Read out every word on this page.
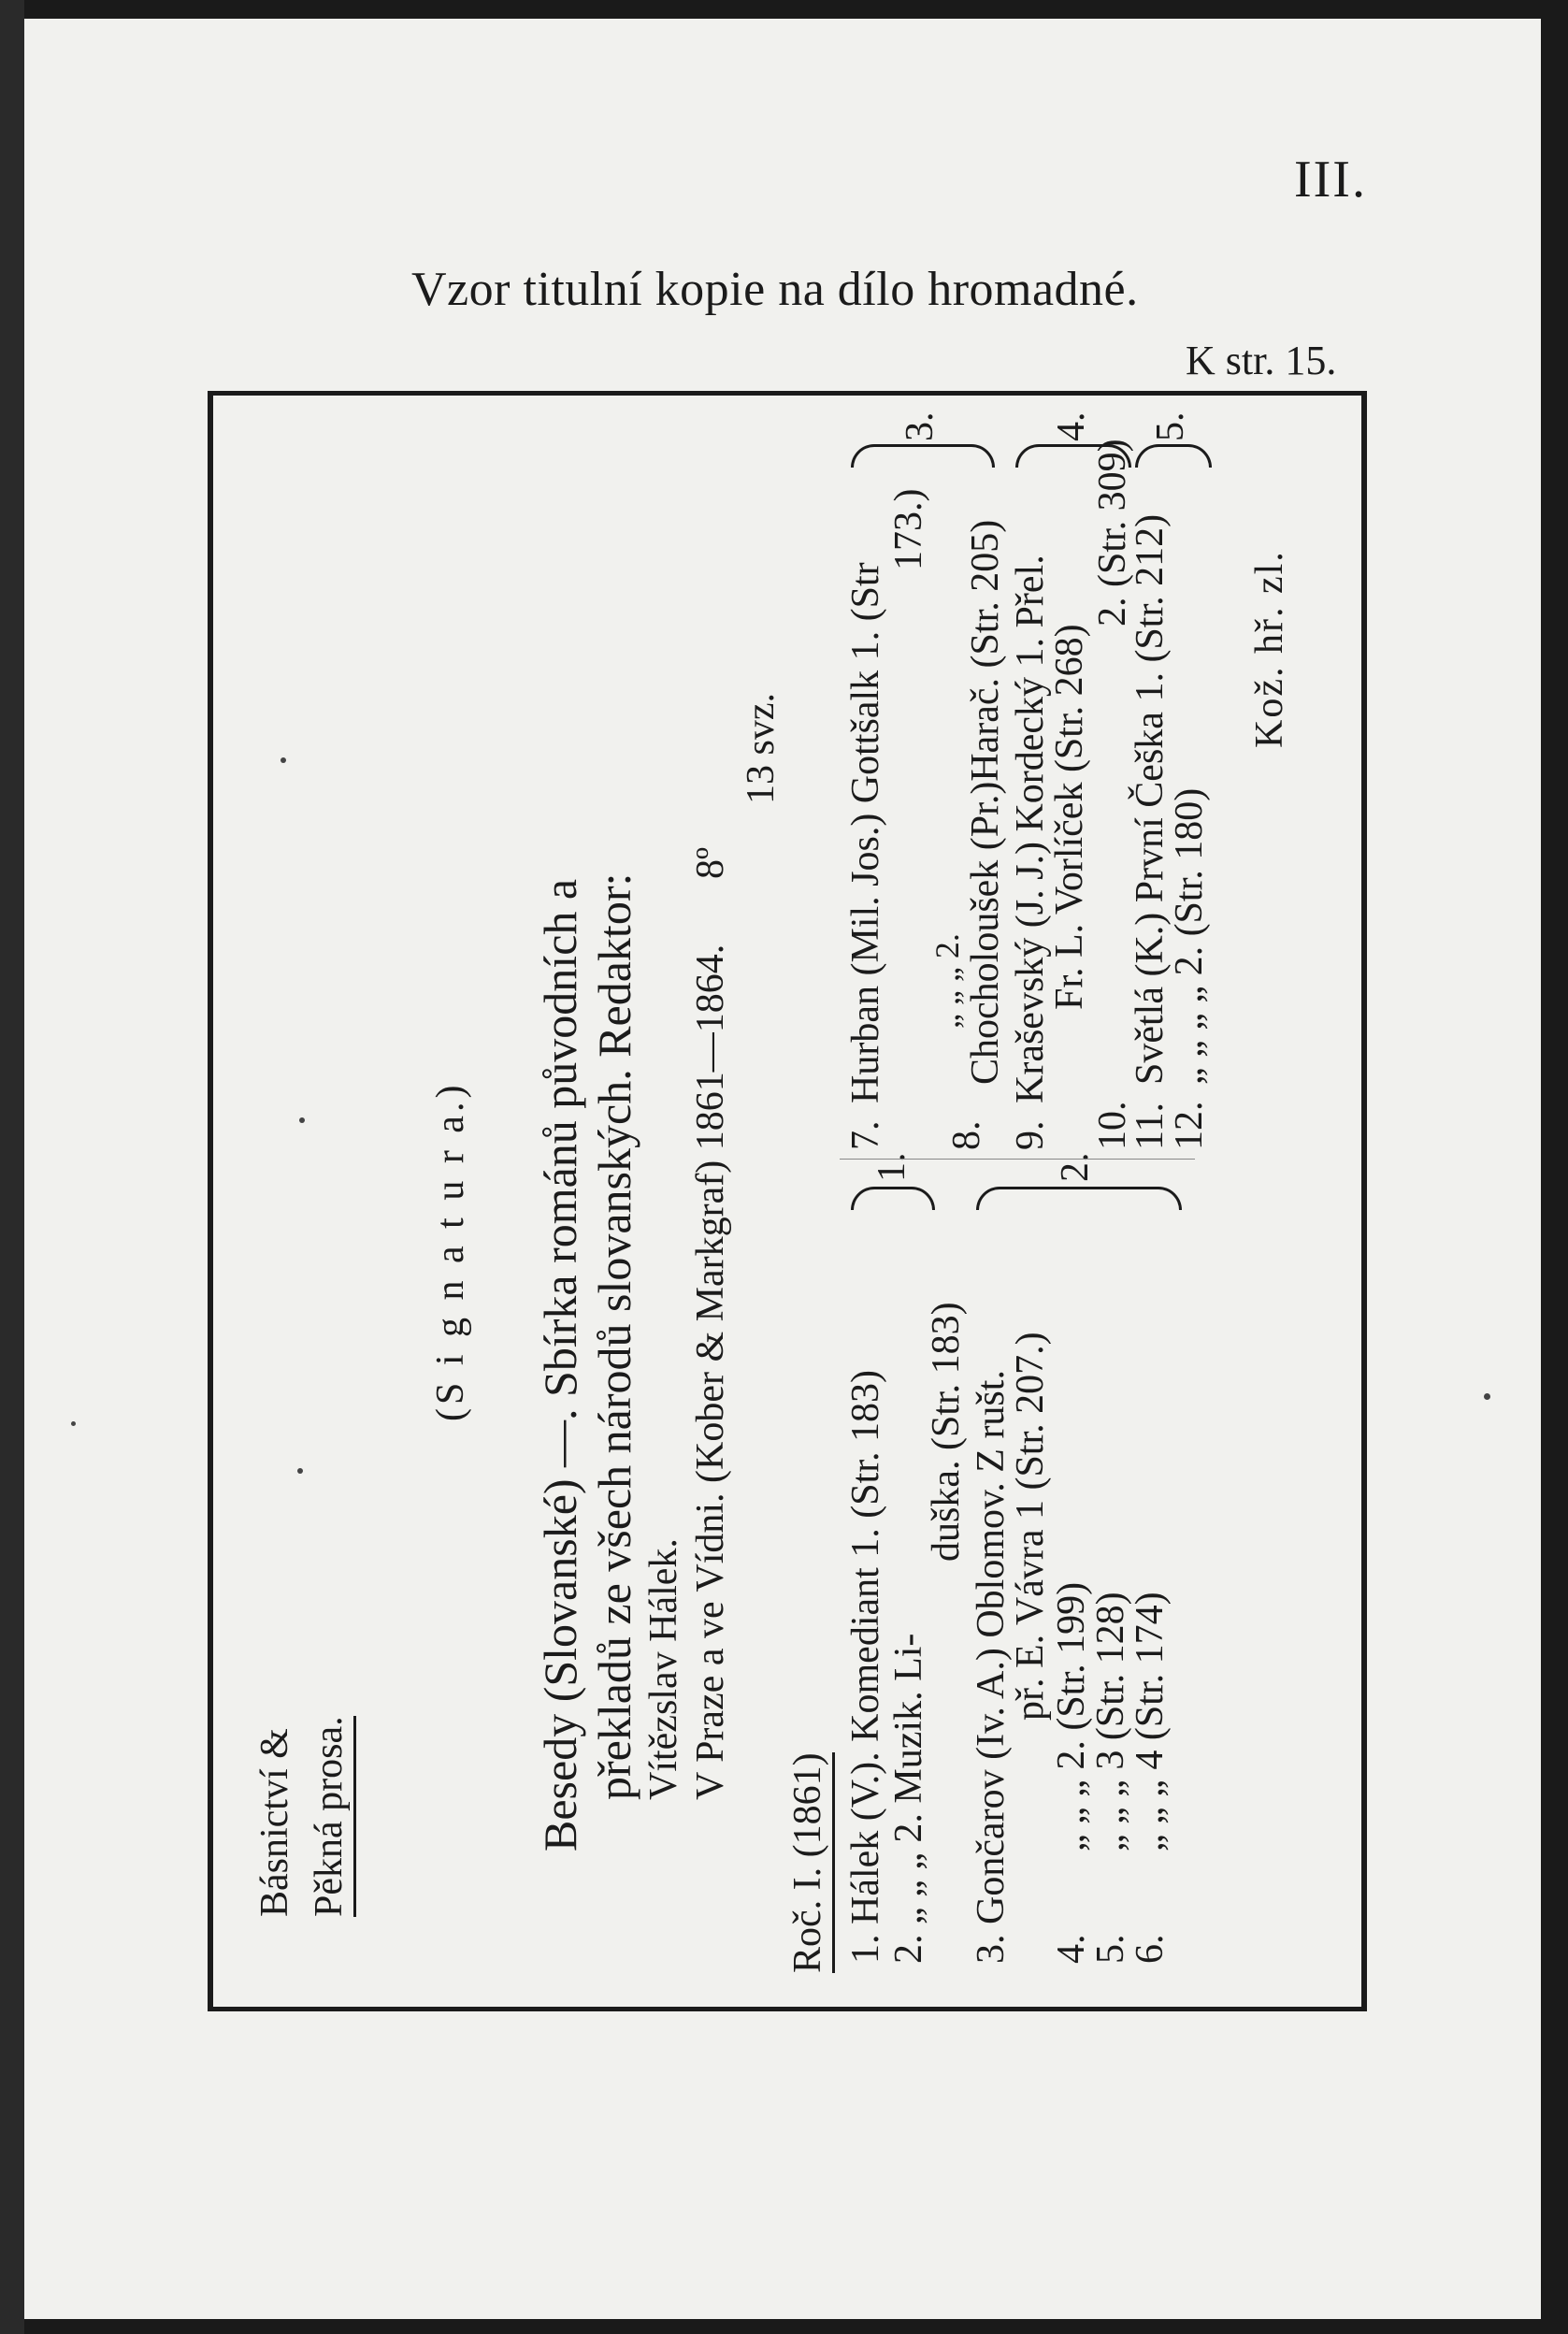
III.
Vzor titulní kopie na dílo hromadné.
K str. 15.
Básnictví & Pěkná prosa.
(S i g n a t u r a.) Besedy (Slovanské) —. Sbírka románů původních a překladů ze všech národů slovanských. Redaktor: Vítězslav Hálek. V Praze a ve Vídni. (Kober & Markgraf) 1861—1864.
8º
13 svz.
Roč. I. (1861) 1.
Hálek (V.). Komediant 1. (Str. 183)
2.
„ „ „ 2. Muzik. Li-
duška. (Str. 183)
3.
Gončarov (Iv. A.) Oblomov. Z rušt.
př. E. Vávra 1 (Str. 207.)
4.
„ „ „ 2. (Str. 199)
5.
„ „ „ 3 (Str. 128)
6.
„ „ „ 4 (Str. 174)
1.	2.
7.
Hurban (Mil. Jos.) Gottšalk 1. (Str
173.)
8.
„ „ „ 2.
Chocholoušek (Pr.)Harač. (Str. 205)
9.
Kraševský (J. J.) Kordecký 1. Přel.
Fr. L. Vorlíček (Str. 268)
10.
2. (Str. 309)
11.
Světlá (K.) První Češka 1. (Str. 212)
12.
„ „ „ „ 2. (Str. 180)
3.	4. 5.
Kož. hř. zl.
